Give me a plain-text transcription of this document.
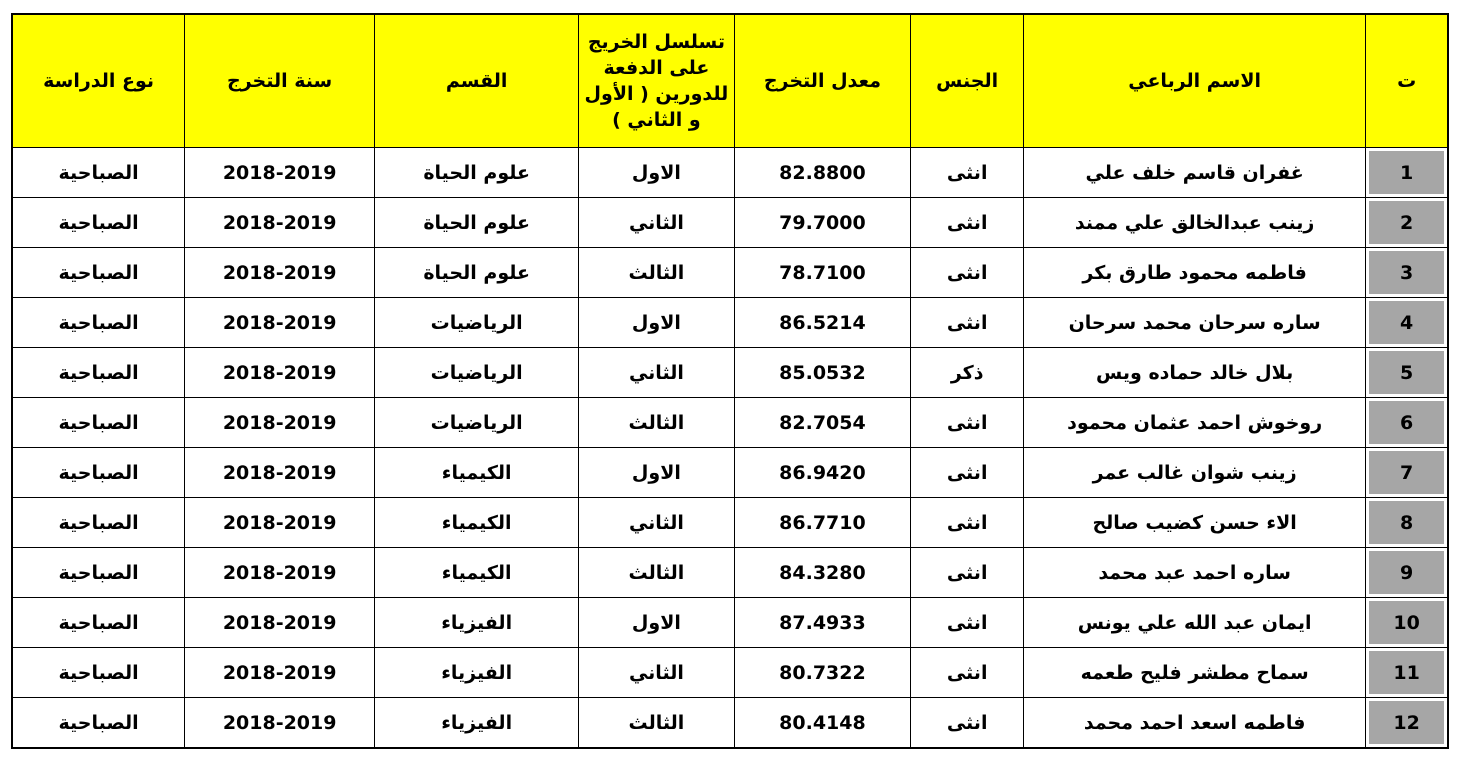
ت	الاسم الرباعي	الجنس	معدل التخرج	تسلسل الخريج على الدفعة للدورين ( الأول و الثاني )	القسم	سنة التخرج	نوع الدراسة

1	غفران قاسم خلف علي	انثى	82.8800	الاول	علوم الحياة	2018-2019	الصباحية

2	زينب عبدالخالق علي ممند	انثى	79.7000	الثاني	علوم الحياة	2018-2019	الصباحية

3	فاطمه محمود طارق بكر	انثى	78.7100	الثالث	علوم الحياة	2018-2019	الصباحية

4	ساره سرحان محمد سرحان	انثى	86.5214	الاول	الرياضيات	2018-2019	الصباحية

5	بلال خالد حماده ويس	ذكر	85.0532	الثاني	الرياضيات	2018-2019	الصباحية

6	روخوش احمد عثمان محمود	انثى	82.7054	الثالث	الرياضيات	2018-2019	الصباحية

7	زينب شوان غالب عمر	انثى	86.9420	الاول	الكيمياء	2018-2019	الصباحية

8	الاء حسن كضيب صالح	انثى	86.7710	الثاني	الكيمياء	2018-2019	الصباحية

9	ساره احمد عبد محمد	انثى	84.3280	الثالث	الكيمياء	2018-2019	الصباحية

10	ايمان عبد الله علي يونس	انثى	87.4933	الاول	الفيزياء	2018-2019	الصباحية

11	سماح مطشر فليح طعمه	انثى	80.7322	الثاني	الفيزياء	2018-2019	الصباحية

12	فاطمه اسعد احمد محمد	انثى	80.4148	الثالث	الفيزياء	2018-2019	الصباحية
